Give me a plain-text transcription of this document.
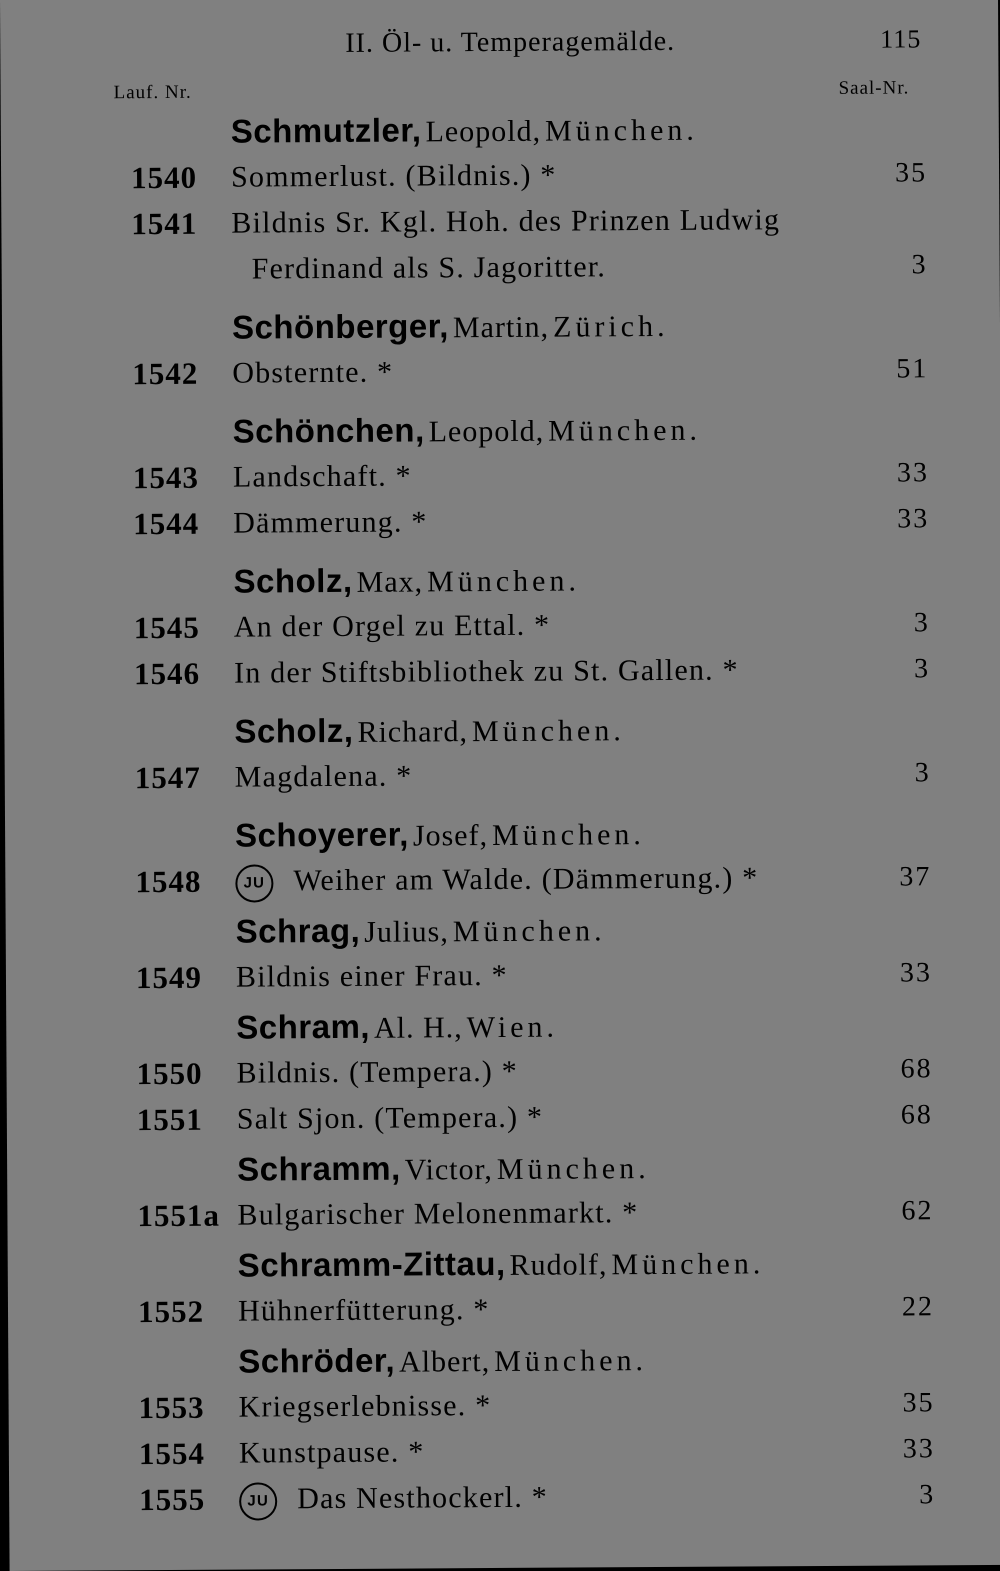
II. Öl- u. Temperagemälde.	115
Lauf. Nr.	Saal-Nr.
Schmutzler, Leopold, München.
1540	Sommerlust. (Bildnis.) *	35
1541	Bildnis Sr. Kgl. Hoh. des Prinzen Ludwig
Ferdinand als S. Jagoritter.	3
Schönberger, Martin, Zürich.
1542	Obsternte. *	51
Schönchen, Leopold, München.
1543	Landschaft. *	33
1544	Dämmerung. *	33
Scholz, Max, München.
1545	An der Orgel zu Ettal. *	3
1546	In der Stiftsbibliothek zu St. Gallen. *	3
Scholz, Richard, München.
1547	Magdalena. *	3
Schoyerer, Josef, München.
1548	JU Weiher am Walde. (Dämmerung.) *	37
Schrag, Julius, München.
1549	Bildnis einer Frau. *	33
Schram, Al. H., Wien.
1550	Bildnis. (Tempera.) *	68
1551	Salt Sjon. (Tempera.) *	68
Schramm, Victor, München.
1551a Bulgarischer Melonenmarkt. *	62
Schramm-Zittau, Rudolf, München.
1552	Hühnerfütterung. *	22
Schröder, Albert, München.
1553	Kriegserlebnisse. *	35
1554	Kunstpause. *	33
1555	JU Das Nesthockerl. *	3
